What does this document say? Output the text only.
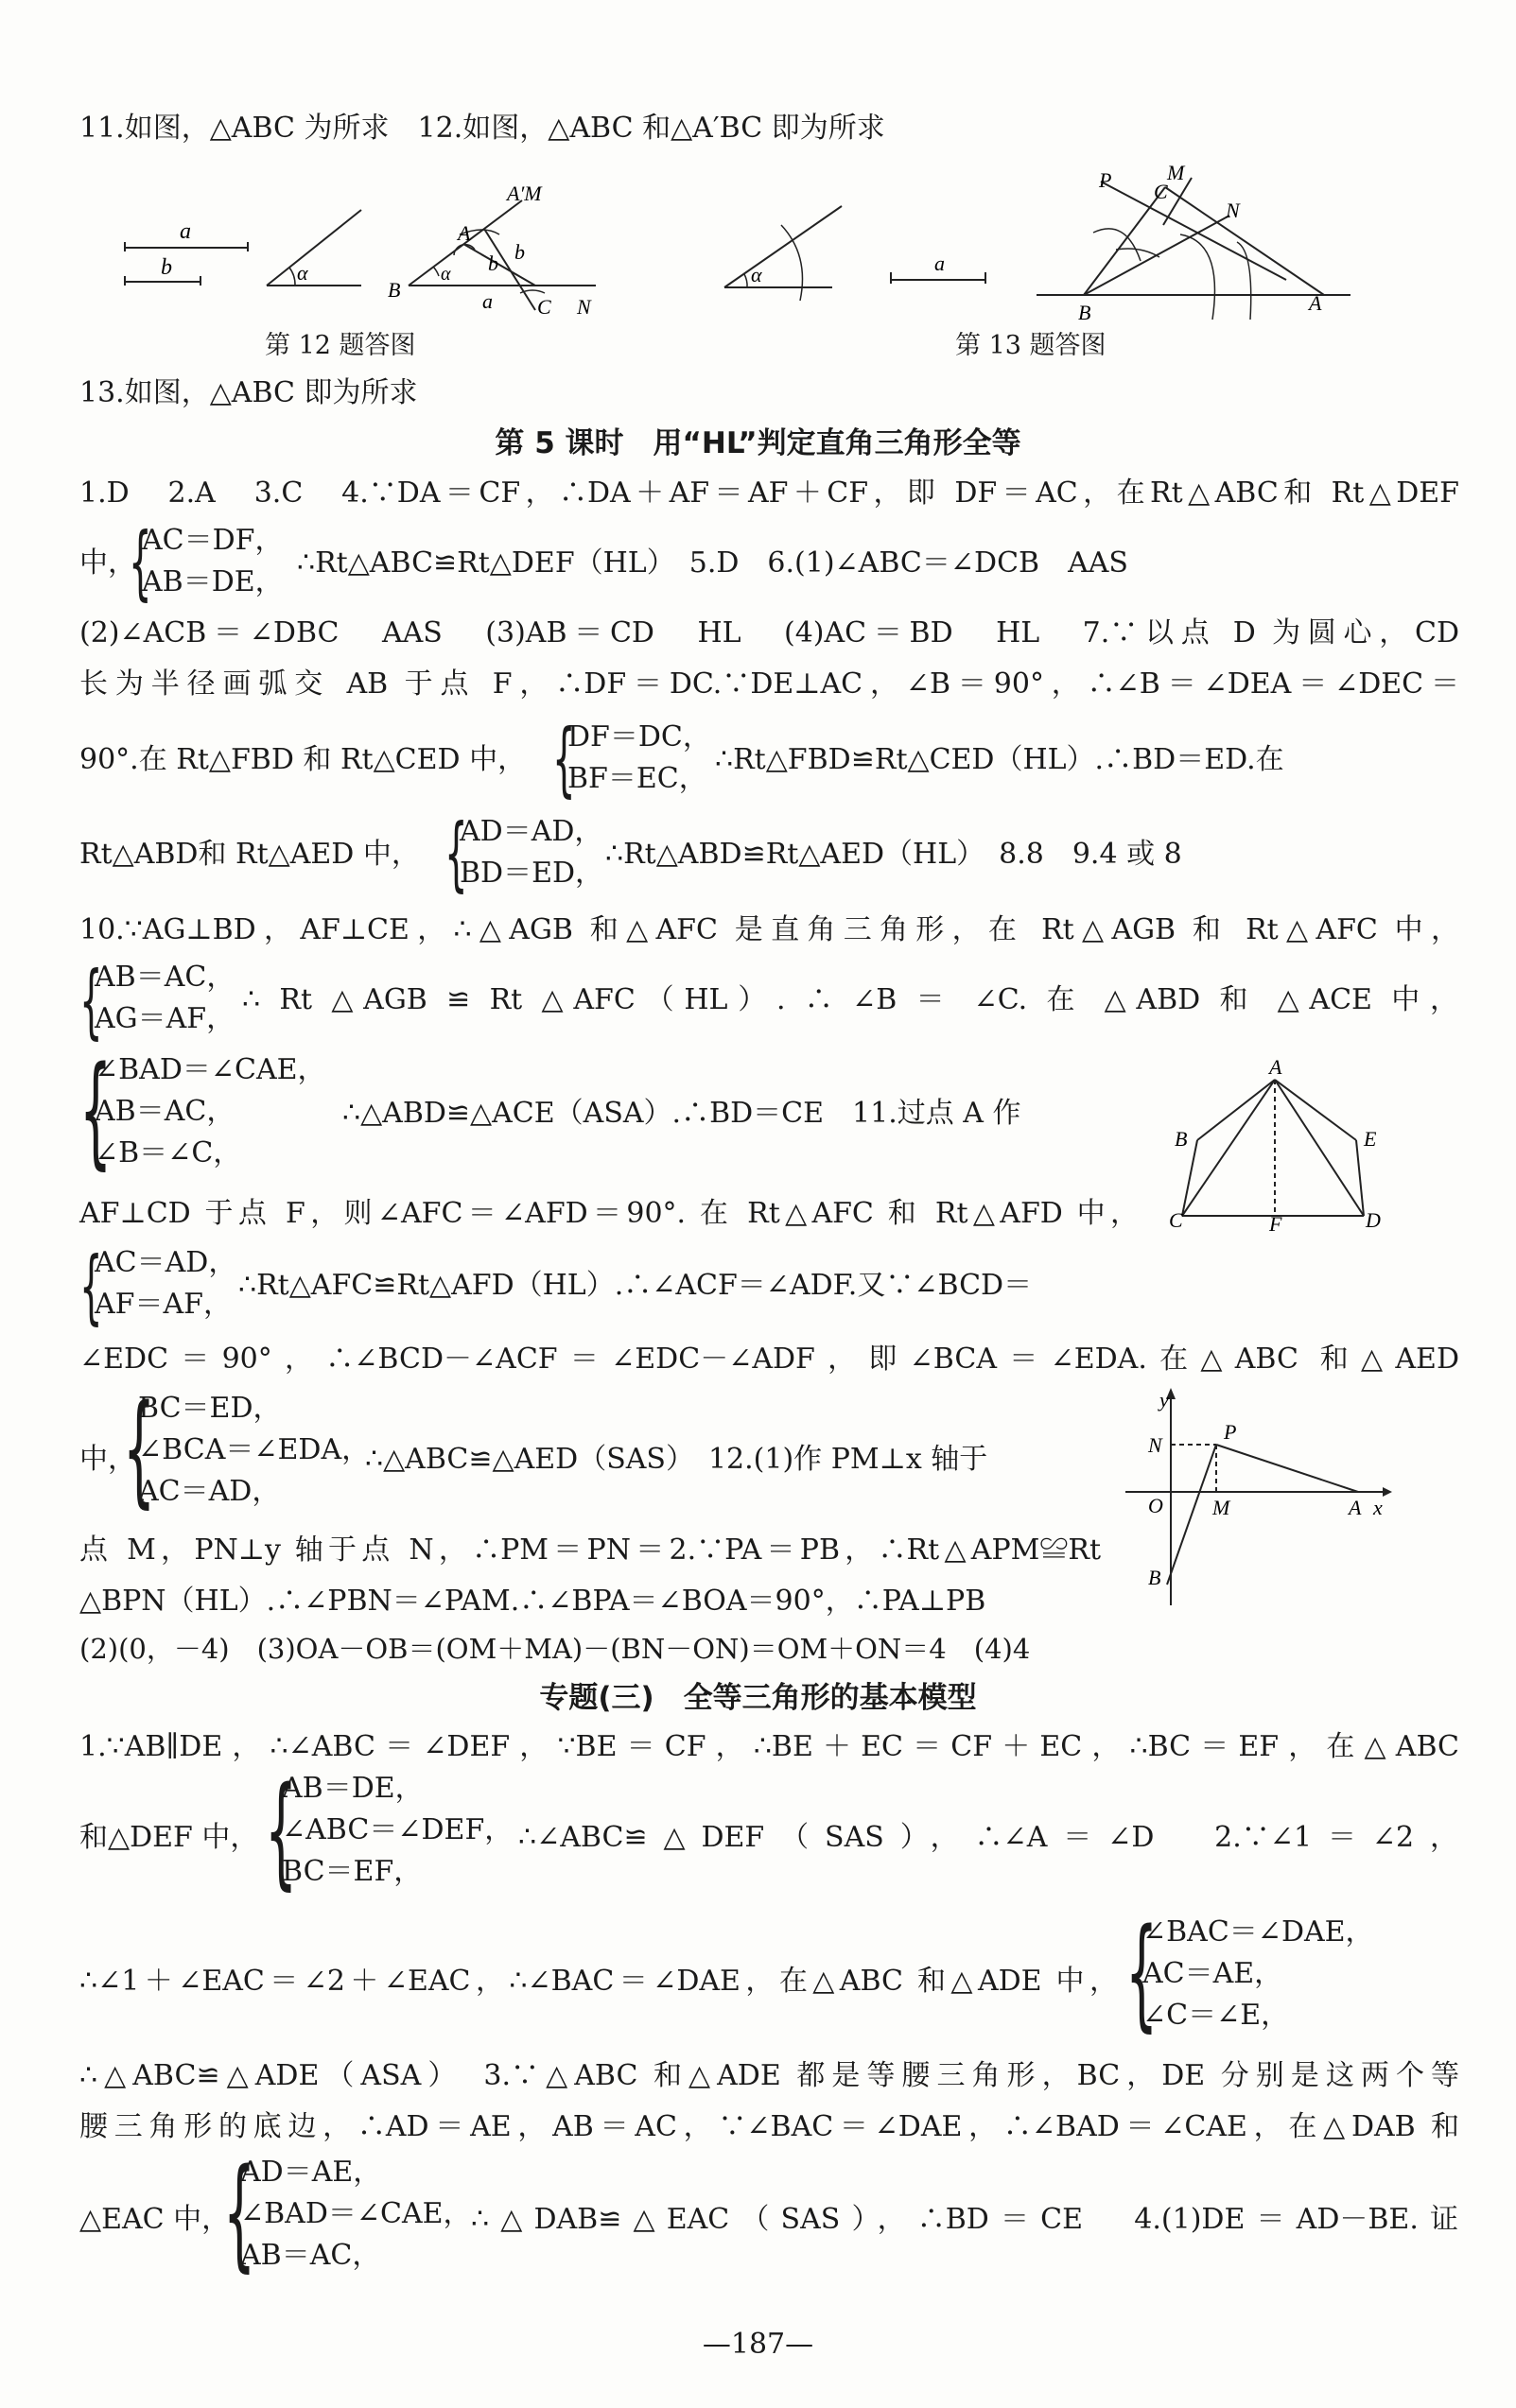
11.如图，△ABC 为所求　12.如图，△ABC 和△A′BC 即为所求
a
b	α
A′M
A
b
b
α
B	a C N
第 12 题答图
α	a
P	M
C
N
B	A
第 13 题答图
13.如图，△ABC 即为所求
第 5 课时　用“HL”判定直角三角形全等
1.D　2.A　3.C　4.∵DA＝CF，∴DA＋AF＝AF＋CF，即 DF＝AC，在Rt△ABC和 Rt△DEF
中，
{
AC＝DF，
AB＝DE，
∴Rt△ABC≌Rt△DEF（HL）　5.D　6.(1)∠ABC＝∠DCB　AAS
(2)∠ACB＝∠DBC　AAS　(3)AB＝CD　HL　(4)AC＝BD　HL　7.∵以点 D 为圆心，CD
长为半径画弧交 AB 于点 F，∴DF＝DC.∵DE⊥AC，∠B＝90°，∴∠B＝∠DEA＝∠DEC＝
90°.在 Rt△FBD 和 Rt△CED 中， {
DF＝DC，
BF＝EC，
∴Rt△FBD≌Rt△CED（HL）.∴BD＝ED.在
Rt△ABD和 Rt△AED 中， {
AD＝AD，
BD＝ED，
∴Rt△ABD≌Rt△AED（HL）　8.8　9.4 或 8
10.∵AG⊥BD，AF⊥CE，∴△AGB 和△AFC 是直角三角形，在 Rt△AGB 和 Rt△AFC 中，
{
AB＝AC，
AG＝AF，
∴ Rt △AGB ≌ Rt △AFC（HL）. ∴ ∠B ＝ ∠C. 在 △ABD 和 △ACE 中，
{
∠BAD＝∠CAE，
AB＝AC，
∠B＝∠C，
∴△ABD≌△ACE（ASA）.∴BD＝CE　11.过点 A 作
A
B	E
C	F	D
AF⊥CD 于点 F，则∠AFC＝∠AFD＝90°. 在 Rt△AFC 和 Rt△AFD 中，
{
AC＝AD，
AF＝AF，
∴Rt△AFC≌Rt△AFD（HL）.∴∠ACF＝∠ADF.又∵∠BCD＝
∠EDC＝90°，∴∠BCD－∠ACF＝∠EDC－∠ADF，即∠BCA＝∠EDA.在△ABC 和△AED
中，
{
BC＝ED，
∠BCA＝∠EDA，
AC＝AD，
∴△ABC≌△AED（SAS）　12.(1)作 PM⊥x 轴于
y
N
P
O M	A x
B
点 M，PN⊥y 轴于点 N，∴PM＝PN＝2.∵PA＝PB，∴Rt△APM≌Rt
△BPN（HL）.∴∠PBN＝∠PAM.∴∠BPA＝∠BOA＝90°，∴PA⊥PB
(2)(0，－4)　(3)OA－OB＝(OM＋MA)－(BN－ON)＝OM＋ON＝4　(4)4
专题(三)　全等三角形的基本模型
1.∵AB∥DE，∴∠ABC＝∠DEF，∵BE＝CF，∴BE＋EC＝CF＋EC，∴BC＝EF，在△ABC
和△DEF 中， {
AB＝DE，
∠ABC＝∠DEF，
BC＝EF，
∴∠ABC≌△DEF（SAS），∴∠A＝∠D　2.∵∠1＝∠2，
∴∠1＋∠EAC＝∠2＋∠EAC，∴∠BAC＝∠DAE，在△ABC 和△ADE 中， {
∠BAC＝∠DAE，
AC＝AE，
∠C＝∠E，
∴△ABC≌△ADE（ASA）　3.∵△ABC 和△ADE 都是等腰三角形，BC，DE 分别是这两个等
腰三角形的底边，∴AD＝AE，AB＝AC，∵∠BAC＝∠DAE，∴∠BAD＝∠CAE，在△DAB 和
△EAC 中，
{
AD＝AE，
∠BAD＝∠CAE，
AB＝AC，
∴△DAB≌△EAC（SAS），∴BD＝CE　4.(1)DE＝AD－BE.证
—187—
